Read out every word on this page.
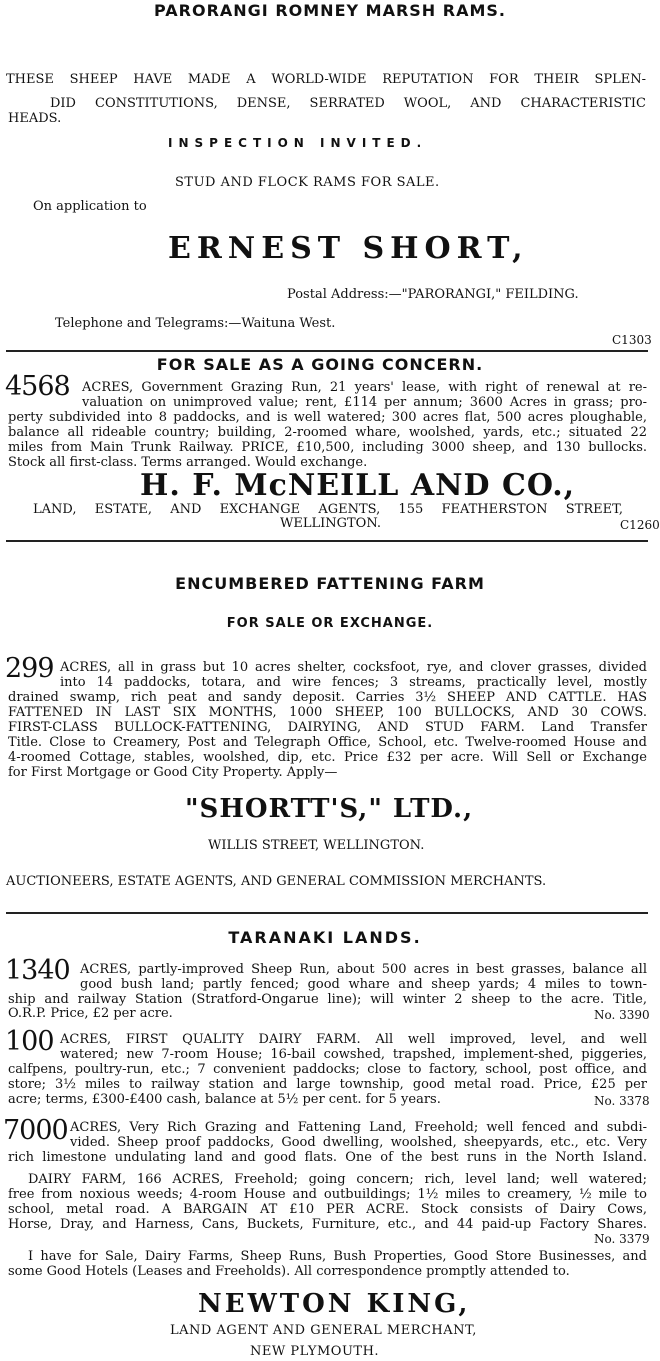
PARORANGI ROMNEY MARSH RAMS.
THESE SHEEP HAVE MADE A WORLD-WIDE REPUTATION FOR THEIR SPLEN-
DID CONSTITUTIONS, DENSE, SERRATED WOOL, AND CHARACTERISTIC
HEADS.
INSPECTION INVITED.
STUD AND FLOCK RAMS FOR SALE.
On application to
ERNEST SHORT,
Postal Address:—"PARORANGI," FEILDING.
Telephone and Telegrams:—Waituna West.
C1303
FOR SALE AS A GOING CONCERN.
4568 ACRES, Government Grazing Run, 21 years' lease, with right of renewal at re-
valuation on unimproved value; rent, £114 per annum; 3600 Acres in grass; pro-
perty subdivided into 8 paddocks, and is well watered; 300 acres flat, 500 acres ploughable,
balance all rideable country; building, 2-roomed whare, woolshed, yards, etc.; situated 22
miles from Main Trunk Railway. PRICE, £10,500, including 3000 sheep, and 130 bullocks.
Stock all first-class. Terms arranged. Would exchange.
H. F. McNEILL AND CO.,
LAND, ESTATE, AND EXCHANGE AGENTS, 155 FEATHERSTON STREET,
WELLINGTON.	C1260
ENCUMBERED FATTENING FARM
FOR SALE OR EXCHANGE.
299 ACRES, all in grass but 10 acres shelter, cocksfoot, rye, and clover grasses, divided
into 14 paddocks, totara, and wire fences; 3 streams, practically level, mostly
drained swamp, rich peat and sandy deposit. Carries 3½ SHEEP AND CATTLE. HAS
FATTENED IN LAST SIX MONTHS, 1000 SHEEP, 100 BULLOCKS, AND 30 COWS.
FIRST-CLASS BULLOCK-FATTENING, DAIRYING, AND STUD FARM. Land Transfer
Title. Close to Creamery, Post and Telegraph Office, School, etc. Twelve-roomed House and
4-roomed Cottage, stables, woolshed, dip, etc. Price £32 per acre. Will Sell or Exchange
for First Mortgage or Good City Property. Apply—
"SHORTT'S," LTD.,
WILLIS STREET, WELLINGTON.
AUCTIONEERS, ESTATE AGENTS, AND GENERAL COMMISSION MERCHANTS.
TARANAKI LANDS.
1340 ACRES, partly-improved Sheep Run, about 500 acres in best grasses, balance all
good bush land; partly fenced; good whare and sheep yards; 4 miles to town-
ship and railway Station (Stratford-Ongarue line); will winter 2 sheep to the acre. Title,
O.R.P. Price, £2 per acre.	No. 3390
100 ACRES, FIRST QUALITY DAIRY FARM. All well improved, level, and well
watered; new 7-room House; 16-bail cowshed, trapshed, implement-shed, piggeries,
calfpens, poultry-run, etc.; 7 convenient paddocks; close to factory, school, post office, and
store; 3½ miles to railway station and large township, good metal road. Price, £25 per
acre; terms, £300-£400 cash, balance at 5½ per cent. for 5 years.	No. 3378
7000 ACRES, Very Rich Grazing and Fattening Land, Freehold; well fenced and subdi-
vided. Sheep proof paddocks, Good dwelling, woolshed, sheepyards, etc., etc. Very
rich limestone undulating land and good flats. One of the best runs in the North Island.
DAIRY FARM, 166 ACRES, Freehold; going concern; rich, level land; well watered;
free from noxious weeds; 4-room House and outbuildings; 1½ miles to creamery, ½ mile to
school, metal road. A BARGAIN AT £10 PER ACRE. Stock consists of Dairy Cows,
Horse, Dray, and Harness, Cans, Buckets, Furniture, etc., and 44 paid-up Factory Shares.
No. 3379
I have for Sale, Dairy Farms, Sheep Runs, Bush Properties, Good Store Businesses, and
some Good Hotels (Leases and Freeholds). All correspondence promptly attended to.
NEWTON KING,
LAND AGENT AND GENERAL MERCHANT,
NEW PLYMOUTH.
